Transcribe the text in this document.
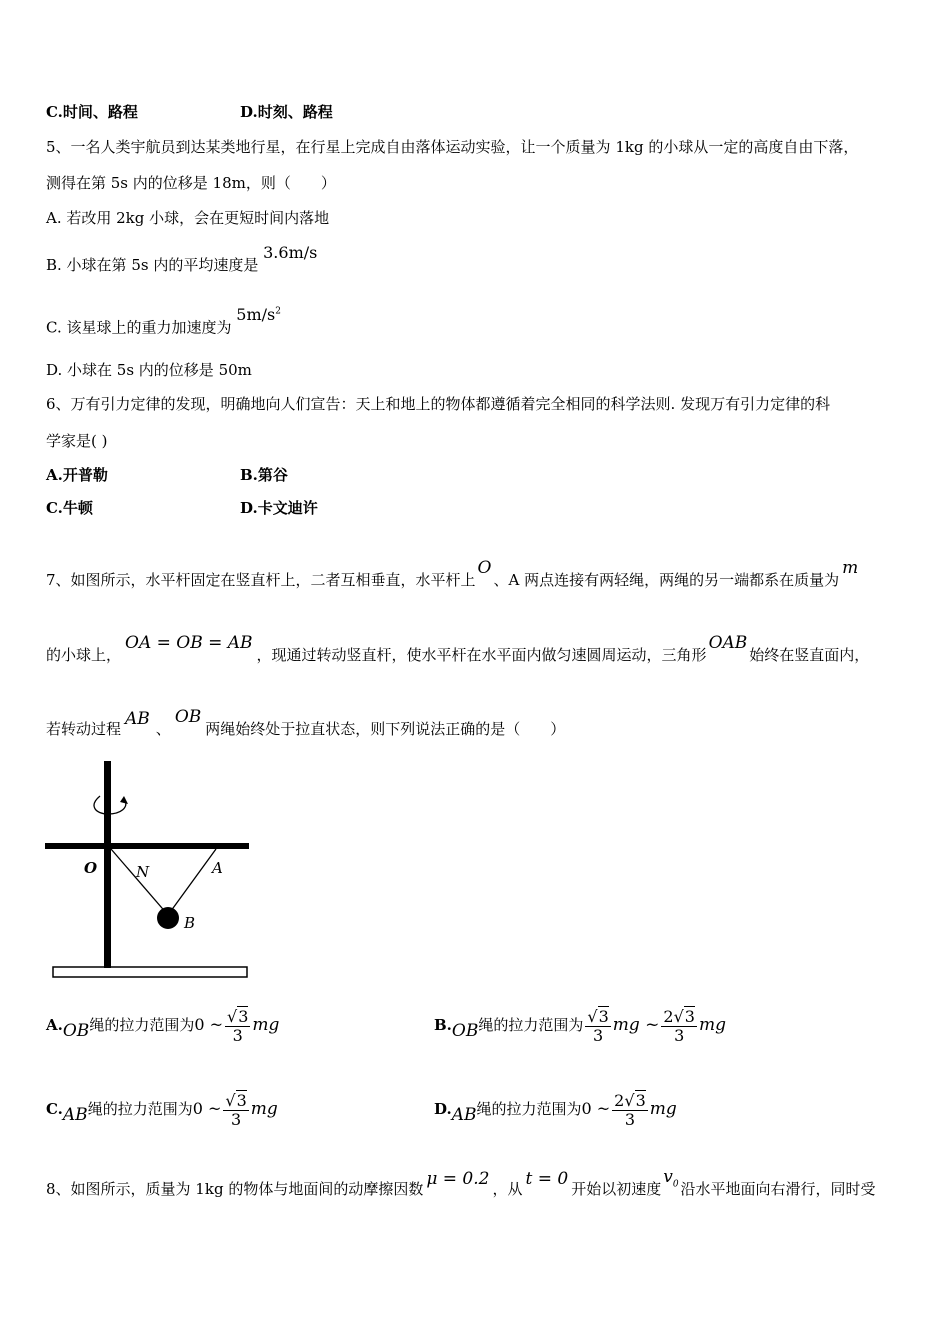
C.时间、路程	D.时刻、路程
5、一名人类宇航员到达某类地行星，在行星上完成自由落体运动实验，让一个质量为 1kg 的小球从一定的高度自由下落，
测得在第 5s 内的位移是 18m，则（　　）
A. 若改用 2kg 小球，会在更短时间内落地
B. 小球在第 5s 内的平均速度是 3.6m/s
C. 该星球上的重力加速度为 $5m/s^2$
D. 小球在 5s 内的位移是 50m
6、万有引力定律的发现，明确地向人们宣告：天上和地上的物体都遵循着完全相同的科学法则. 发现万有引力定律的科
学家是( )
A.开普勒	B.第谷
C.牛顿	D.卡文迪许
7、如图所示，水平杆固定在竖直杆上，二者互相垂直，水平杆上O、A 两点连接有两轻绳，两绳的另一端都系在质量为m
的小球上，OA = OB = AB，现通过转动竖直杆，使水平杆在水平面内做匀速圆周运动，三角形OAB始终在竖直面内，
若转动过程 AB 、OB两绳始终处于拉直状态，则下列说法正确的是（　　）
O	N	A
B
A.OB绳的拉力范围为0 ~ $\frac{√3}{3}$ mg	B.OB绳的拉力范围为 $\frac{√3}{3}$ mg ~ $\frac{2√3}{3}$ mg
C.AB绳的拉力范围为0 ~ $\frac{√3}{3}$ mg	D.AB绳的拉力范围为0 ~ $\frac{2√3}{3}$ mg
8、如图所示，质量为 1kg 的物体与地面间的动摩擦因数 μ = 0.2 ，从 t = 0 开始以初速度$v_0$ 沿水平地面向右滑行，同时受
